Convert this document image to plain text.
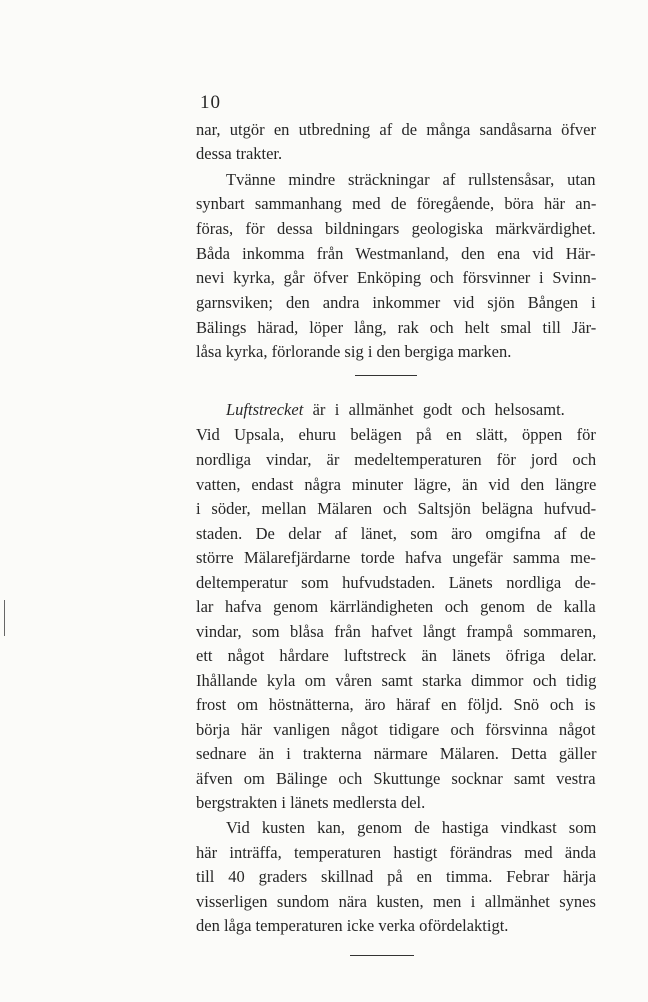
10
nar, utgör en utbredning af de många sandåsarna öfver
dessa trakter.
Tvänne mindre sträckningar af rullstensåsar, utan
synbart sammanhang med de föregående, böra här an-
föras, för dessa bildningars geologiska märkvärdighet.
Båda inkomma från Westmanland, den ena vid Här-
nevi kyrka, går öfver Enköping och försvinner i Svinn-
garnsviken; den andra inkommer vid sjön Bången i
Bälings härad, löper lång, rak och helt smal till Jär-
låsa kyrka, förlorande sig i den bergiga marken.
Luftstrecket är i allmänhet godt och helsosamt.
Vid Upsala, ehuru belägen på en slätt, öppen för
nordliga vindar, är medeltemperaturen för jord och
vatten, endast några minuter lägre, än vid den längre
i söder, mellan Mälaren och Saltsjön belägna hufvud-
staden. De delar af länet, som äro omgifna af de
större Mälarefjärdarne torde hafva ungefär samma me-
deltemperatur som hufvudstaden. Länets nordliga de-
lar hafva genom kärrländigheten och genom de kalla
vindar, som blåsa från hafvet långt frampå sommaren,
ett något hårdare luftstreck än länets öfriga delar.
Ihållande kyla om våren samt starka dimmor och tidig
frost om höstnätterna, äro häraf en följd. Snö och is
börja här vanligen något tidigare och försvinna något
sednare än i trakterna närmare Mälaren. Detta gäller
äfven om Bälinge och Skuttunge socknar samt vestra
bergstrakten i länets medlersta del.
Vid kusten kan, genom de hastiga vindkast som
här inträffa, temperaturen hastigt förändras med ända
till 40 graders skillnad på en timma. Febrar härja
visserligen sundom nära kusten, men i allmänhet synes
den låga temperaturen icke verka ofördelaktigt.
